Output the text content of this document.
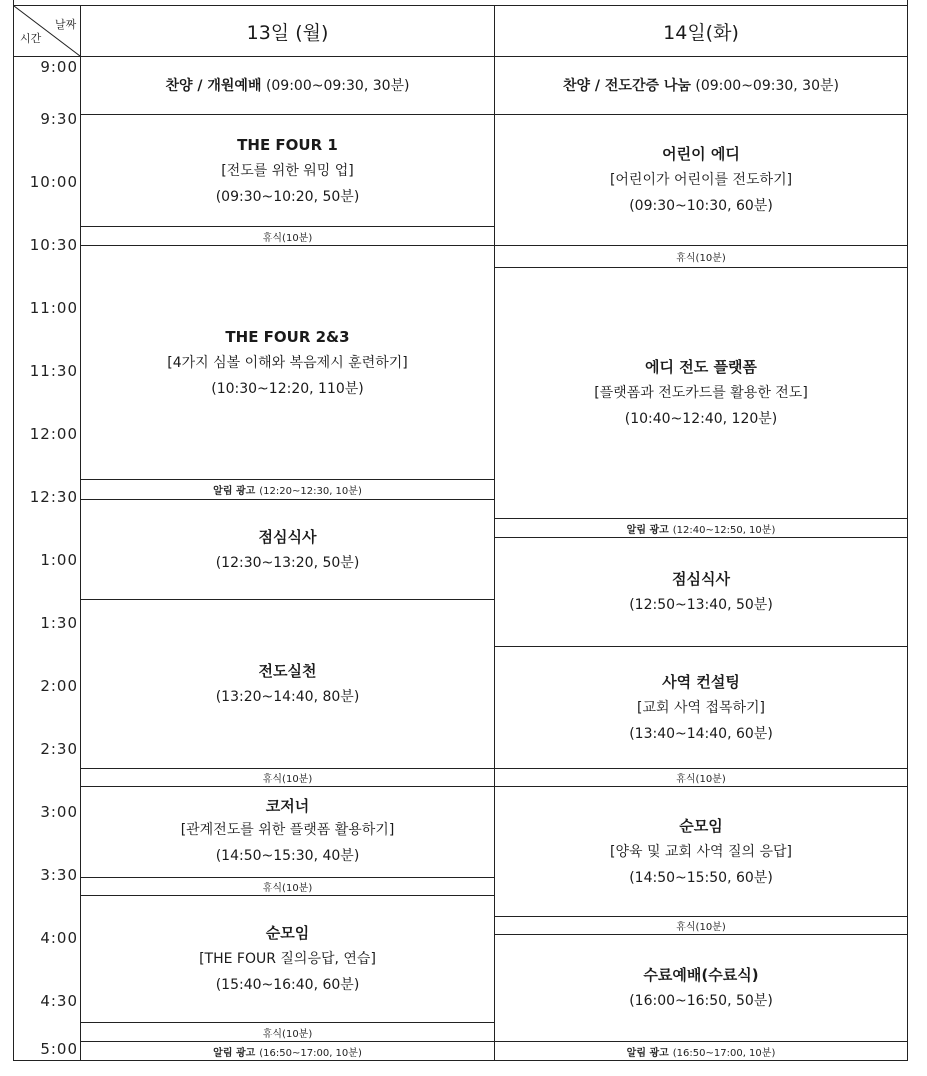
날짜
시간	13일 (월)	14일(화)
9:00
9:30
10:00
10:30
11:00
11:30
12:00
12:30
1:00
1:30
2:00
2:30
3:00
3:30
4:00
4:30
5:00
찬양 / 개원예배 (09:00~09:30, 30분)
THE FOUR 1
[전도를 위한 워밍 업]
(09:30~10:20, 50분)
휴식(10분)
THE FOUR 2&3
[4가지 심볼 이해와 복음제시 훈련하기]
(10:30~12:20, 110분)
알림 광고 (12:20~12:30, 10분)
점심식사
(12:30~13:20, 50분)
전도실천
(13:20~14:40, 80분)
휴식(10분)
코저너
[관계전도를 위한 플랫폼 활용하기]
(14:50~15:30, 40분)
휴식(10분)
순모임
[THE FOUR 질의응답, 연습]
(15:40~16:40, 60분)
휴식(10분)
알림 광고 (16:50~17:00, 10분)
찬양 / 전도간증 나눔 (09:00~09:30, 30분)
어린이 에디
[어린이가 어린이를 전도하기]
(09:30~10:30, 60분)
휴식(10분)
에디 전도 플랫폼
[플랫폼과 전도카드를 활용한 전도]
(10:40~12:40, 120분)
알림 광고 (12:40~12:50, 10분)
점심식사
(12:50~13:40, 50분)
사역 컨설팅
[교회 사역 접목하기]
(13:40~14:40, 60분)
휴식(10분)
순모임
[양육 및 교회 사역 질의 응답]
(14:50~15:50, 60분)
휴식(10분)
수료예배(수료식)
(16:00~16:50, 50분)
알림 광고 (16:50~17:00, 10분)
